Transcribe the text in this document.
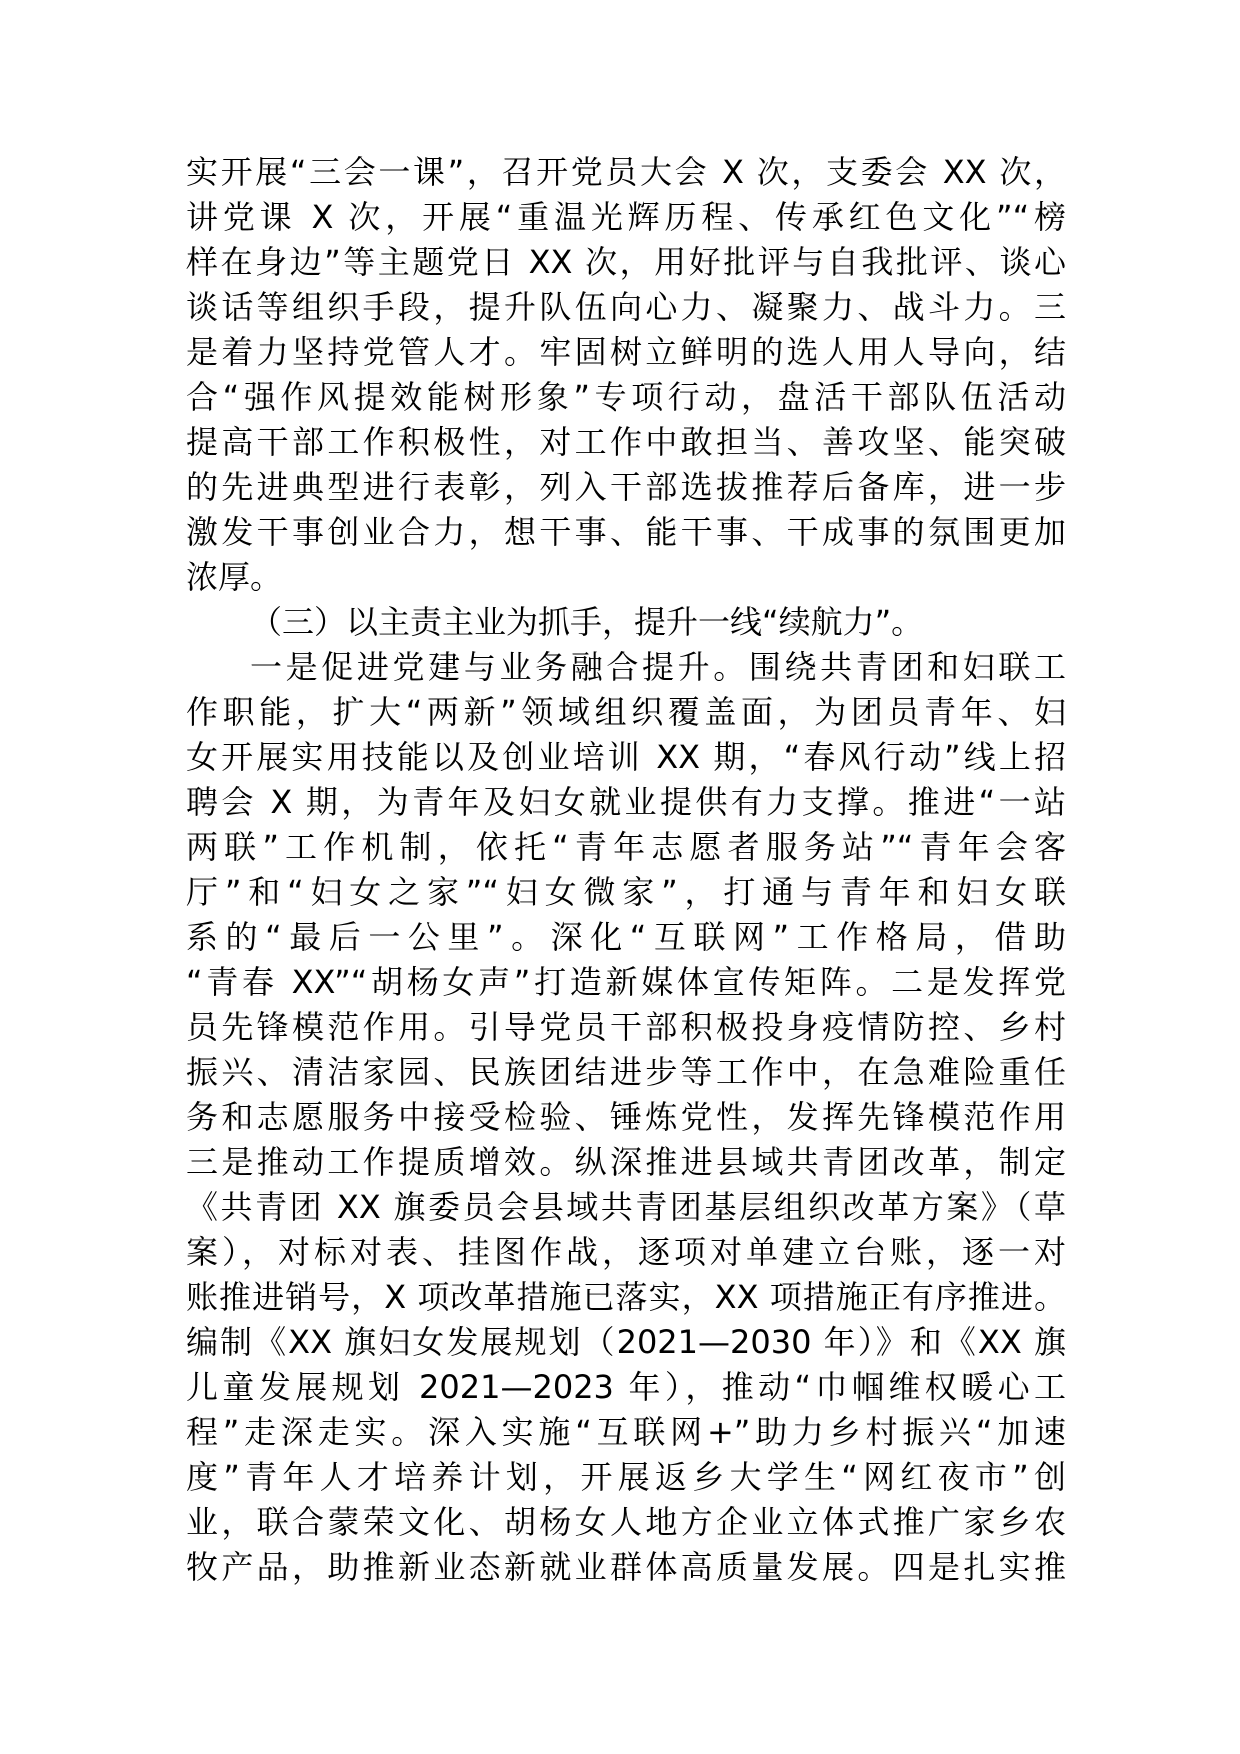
实开展“三会一课”，召开党员大会 X 次，支委会 XX 次，
讲党课 X 次，开展“重温光辉历程、传承红色文化”“榜
样在身边”等主题党日 XX 次，用好批评与自我批评、谈心
谈话等组织手段，提升队伍向心力、凝聚力、战斗力。三
是着力坚持党管人才。牢固树立鲜明的选人用人导向，结
合“强作风提效能树形象”专项行动，盘活干部队伍活动
提高干部工作积极性，对工作中敢担当、善攻坚、能突破
的先进典型进行表彰，列入干部选拔推荐后备库，进一步
激发干事创业合力，想干事、能干事、干成事的氛围更加
浓厚。
（三）以主责主业为抓手，提升一线“续航力”。
一是促进党建与业务融合提升。围绕共青团和妇联工
作职能，扩大“两新”领域组织覆盖面，为团员青年、妇
女开展实用技能以及创业培训 XX 期，“春风行动”线上招
聘会 X 期，为青年及妇女就业提供有力支撑。推进“一站
两联”工作机制，依托“青年志愿者服务站”“青年会客
厅”和“妇女之家”“妇女微家”，打通与青年和妇女联
系的“最后一公里”。深化“互联网”工作格局，借助
“青春 XX”“胡杨女声”打造新媒体宣传矩阵。二是发挥党
员先锋模范作用。引导党员干部积极投身疫情防控、乡村
振兴、清洁家园、民族团结进步等工作中，在急难险重任
务和志愿服务中接受检验、锤炼党性，发挥先锋模范作用
三是推动工作提质增效。纵深推进县域共青团改革，制定
《共青团 XX 旗委员会县域共青团基层组织改革方案》（草
案），对标对表、挂图作战，逐项对单建立台账，逐一对
账推进销号，X 项改革措施已落实，XX 项措施正有序推进。
编制《XX 旗妇女发展规划（2021—2030 年）》和《XX 旗
儿童发展规划 2021—2023 年），推动“巾帼维权暖心工
程”走深走实。深入实施“互联网+”助力乡村振兴“加速
度”青年人才培养计划，开展返乡大学生“网红夜市”创
业，联合蒙荣文化、胡杨女人地方企业立体式推广家乡农
牧产品，助推新业态新就业群体高质量发展。四是扎实推
